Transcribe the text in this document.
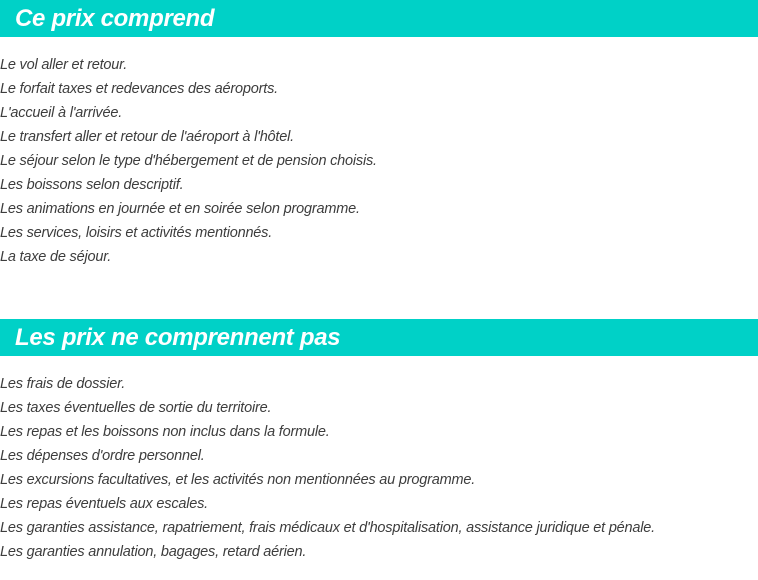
Ce prix comprend
Le vol aller et retour.
Le forfait taxes et redevances des aéroports.
L'accueil à l'arrivée.
Le transfert aller et retour de l'aéroport à l'hôtel.
Le séjour selon le type d'hébergement et de pension choisis.
Les boissons selon descriptif.
Les animations en journée et en soirée selon programme.
Les services, loisirs et activités mentionnés.
La taxe de séjour.
Les prix ne comprennent pas
Les frais de dossier.
Les taxes éventuelles de sortie du territoire.
Les repas et les boissons non inclus dans la formule.
Les dépenses d'ordre personnel.
Les excursions facultatives, et les activités non mentionnées au programme.
Les repas éventuels aux escales.
Les garanties assistance, rapatriement, frais médicaux et d'hospitalisation, assistance juridique et pénale.
Les garanties annulation, bagages, retard aérien.
